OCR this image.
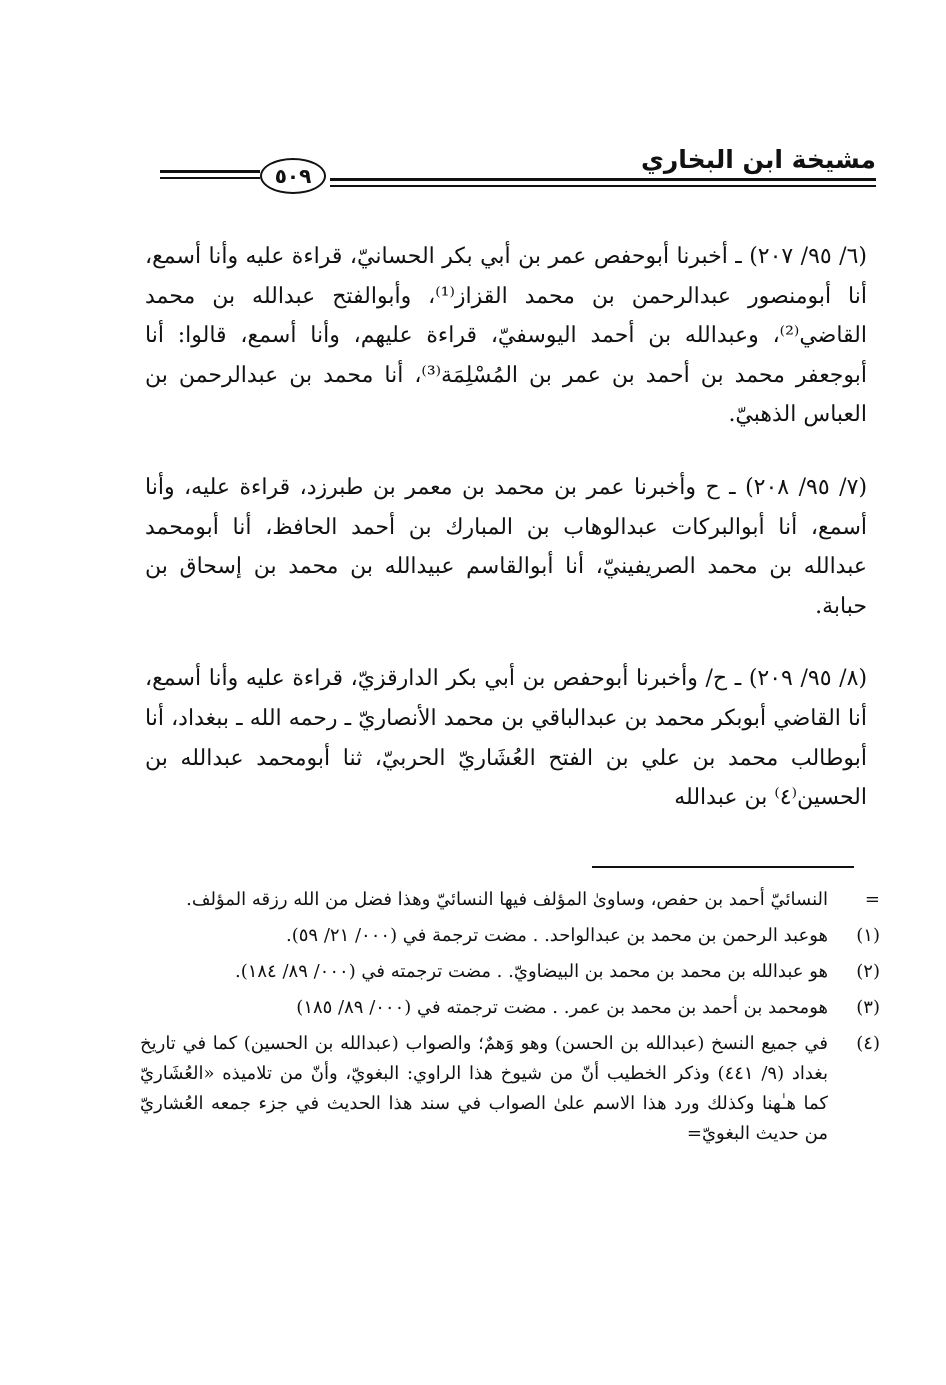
مشيخة ابن البخاري
٥٠٩

(٦/ ٩٥/ ٢٠٧) ـ أخبرنا أبوحفص عمر بن أبي بكر الحسانيّ، قراءة عليه وأنا أسمع، أنا أبومنصور عبدالرحمن بن محمد القزاز⁽¹⁾، وأبوالفتح عبدالله بن محمد القاضي⁽²⁾، وعبدالله بن أحمد اليوسفيّ، قراءة عليهم، وأنا أسمع، قالوا: أنا أبوجعفر محمد بن أحمد بن عمر بن المُسْلِمَة⁽³⁾، أنا محمد بن عبدالرحمن بن العباس الذهبيّ.

(٧/ ٩٥/ ٢٠٨) ـ ح وأخبرنا عمر بن محمد بن معمر بن طبرزد، قراءة عليه، وأنا أسمع، أنا أبوالبركات عبدالوهاب بن المبارك بن أحمد الحافظ، أنا أبومحمد عبدالله بن محمد الصريفينيّ، أنا أبوالقاسم عبيدالله بن محمد بن إسحاق بن حبابة.

(٨/ ٩٥/ ٢٠٩) ـ ح/ وأخبرنا أبوحفص بن أبي بكر الدارقزيّ، قراءة عليه وأنا أسمع، أنا القاضي أبوبكر محمد بن عبدالباقي بن محمد الأنصاريّ ـ رحمه الله ـ ببغداد، أنا أبوطالب محمد بن علي بن الفتح العُشَاريّ الحربيّ، ثنا أبومحمد عبدالله بن الحسين⁽٤⁾ بن عبدالله

=
النسائيّ أحمد بن حفص، وساوىٰ المؤلف فيها النسائيّ وهذا فضل من الله رزقه المؤلف.
(١)
هوعبد الرحمن بن محمد بن عبدالواحد. . مضت ترجمة في (٠٠٠/ ٢١/ ٥٩).
(٢)
هو عبدالله بن محمد بن محمد بن البيضاويّ. . مضت ترجمته في (٠٠٠/ ٨٩/ ١٨٤).
(٣)
هومحمد بن أحمد بن محمد بن عمر. . مضت ترجمته في (٠٠٠/ ٨٩/ ١٨٥)
(٤)
في جميع النسخ (عبدالله بن الحسن) وهو وَهمٌ؛ والصواب (عبدالله بن الحسين) كما في تاريخ بغداد (٩/ ٤٤١) وذكر الخطيب أنّ من شيوخ هذا الراوي: البغويّ، وأنّ من تلاميذه «العُشَاريّ كما هـٰهنا وكذلك ورد هذا الاسم علىٰ الصواب في سند هذا الحديث في جزء جمعه العُشاريّ من حديث البغويّ=
